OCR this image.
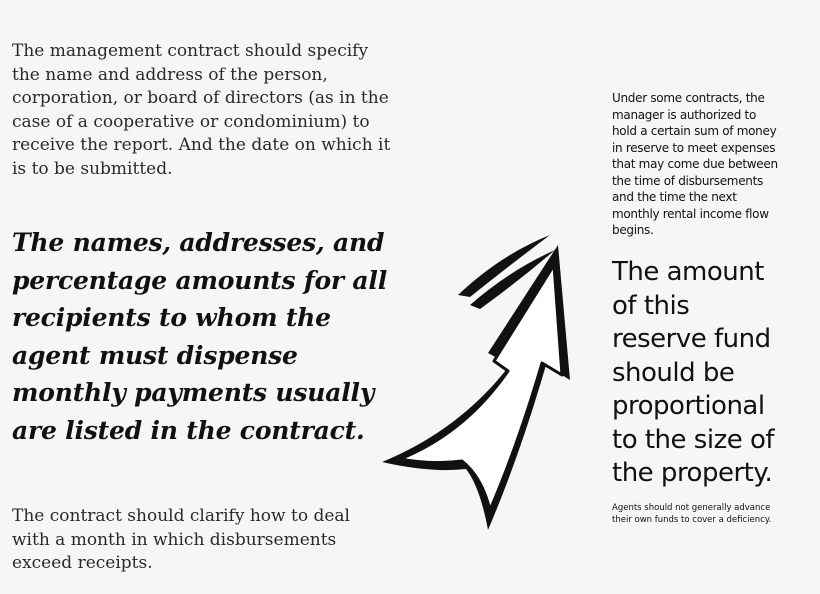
The management contract should specify
the name and address of the person,
corporation, or board of directors (as in the
case of a cooperative or condominium) to
receive the report. And the date on which it
is to be submitted.

The names, addresses, and
percentage amounts for all
recipients to whom the
agent must dispense
monthly payments usually
are listed in the contract.

The contract should clarify how to deal
with a month in which disbursements
exceed receipts.

Under some contracts, the
manager is authorized to
hold a certain sum of money
in reserve to meet expenses
that may come due between
the time of disbursements
and the time the next
monthly rental income flow
begins.

The amount
of this
reserve fund
should be
proportional
to the size of
the property.

Agents should not generally advance
their own funds to cover a deficiency.
